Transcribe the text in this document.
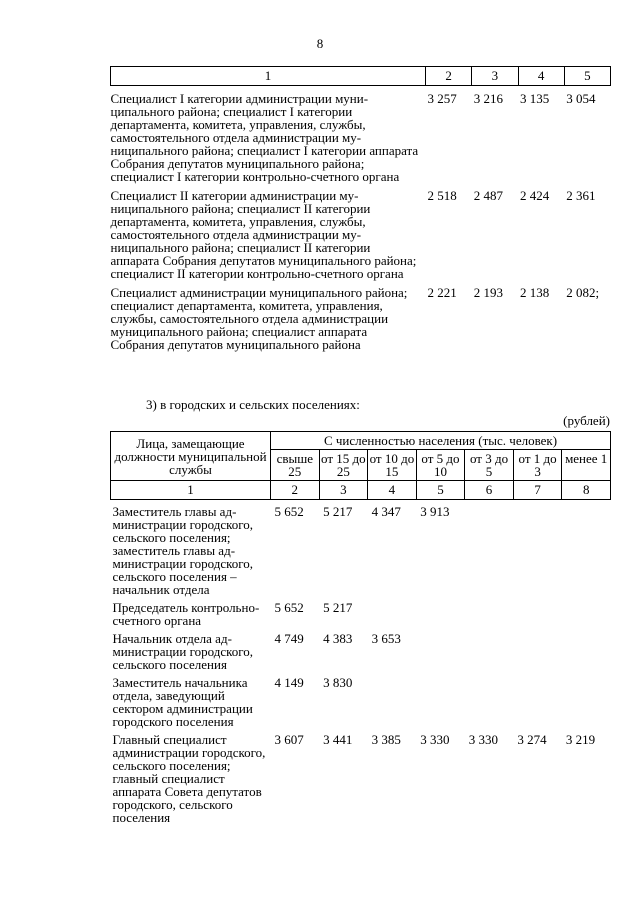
8
1	2	3	4	5
Специалист I категории администрации муниципального района; специалист I категории департамента, комитета, управления, службы, самостоятельного отдела администрации муниципального района; специалист I категории аппарата Собрания депутатов муниципального района; специалист I категории контрольно-счетного органа	3 257	3 216	3 135	3 054
Специалист II категории администрации муниципального района; специалист II категории департамента, комитета, управления, службы, самостоятельного отдела администрации муниципального района; специалист II категории аппарата Собрания депутатов муниципального района; специалист II категории контрольно-счетного органа	2 518	2 487	2 424	2 361
Специалист администрации муниципального района; специалист департамента, комитета, управления, службы, самостоятельного отдела администрации муниципального района; специалист аппарата Собрания депутатов муниципального района	2 221	2 193	2 138	2 082;
3) в городских и сельских поселениях:
(рублей)
Лица, замещающие должности муниципальной службы	С численностью населения (тыс. человек)						
	свыше 25	от 15 до 25	от 10 до 15	от 5 до 10	от 3 до 5	от 1 до 3	менее 1
1	2	3	4	5	6	7	8
Заместитель главы администрации городского, сельского поселения; заместитель главы администрации городского, сельского поселения – начальник отдела	5 652	5 217	4 347	3 913			
Председатель контрольно-счетного органа	5 652	5 217					
Начальник отдела администрации городского, сельского поселения	4 749	4 383	3 653				
Заместитель начальника отдела, заведующий сектором администрации городского поселения	4 149	3 830					
Главный специалист администрации городского, сельского поселения; главный специалист аппарата Совета депутатов городского, сельского поселения	3 607	3 441	3 385	3 330	3 330	3 274	3 219
